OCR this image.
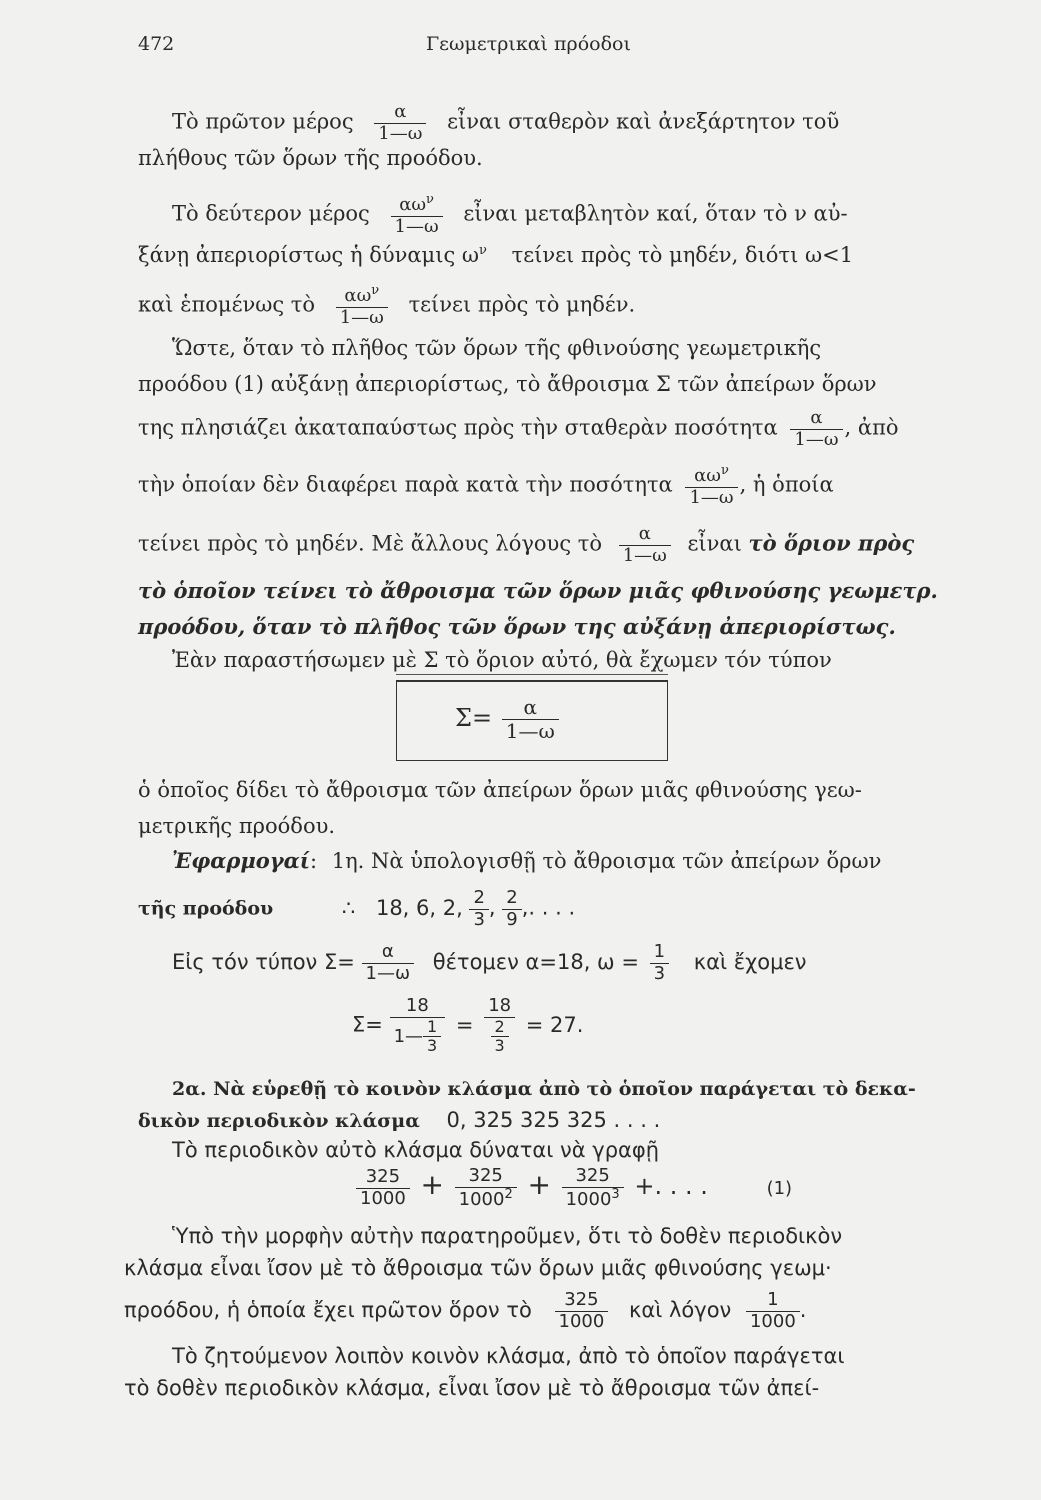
472	Γεωμετρικαὶ πρόοδοι
Τὸ πρῶτον μέρος $\frac{\alpha}{1—\omega}$ εἶναι σταθερὸν καὶ ἀνεξάρτητον τοῦ
πλήθους τῶν ὅρων τῆς προόδου.
Τὸ δεύτερον μέρος	$\alpha\omega^\nu$
1—ω
εἶναι μεταβλητὸν καί, ὅταν τὸ ν αὐ-
ξάνῃ ἀπεριορίστως ἡ δύναμις $\omega^\nu$ τείνει πρὸς τὸ μηδέν, διότι ω<1
καὶ ἑπομένως τὸ	$\alpha\omega^\nu$
1—ω
τείνει πρὸς τὸ μηδέν.
Ὥστε, ὅταν τὸ πλῆθος τῶν ὅρων τῆς φθινούσης γεωμετρικῆς
προόδου (1) αὐξάνῃ ἀπεριορίστως, τὸ ἄθροισμα Σ τῶν ἀπείρων ὅρων
της πλησιάζει ἀκαταπαύστως πρὸς τὴν σταθερὰν ποσότητα $\frac{\alpha}{1—\omega}$ , ἀπὸ
τὴν ὁποίαν δὲν διαφέρει παρὰ κατὰ τὴν ποσότητα	$\alpha\omega^\nu$
1—ω
, ἡ ὁποία
τείνει πρὸς τὸ μηδέν. Μὲ ἄλλους λόγους τὸ $\frac{\alpha}{1—\omega}$ εἶναι τὸ ὅριον πρὸς
τὸ ὁποῖον τείνει τὸ ἄθροισμα τῶν ὅρων μιᾶς φθινούσης γεωμετρ.
προόδου, ὅταν τὸ πλῆθος τῶν ὅρων της αὐξάνῃ ἀπεριορίστως.
Ἐὰν παραστήσωμεν μὲ Σ τὸ ὅριον αὐτό, θὰ ἔχωμεν τόν τύπον
$\Sigma= \frac{\alpha}{1—\omega}$
ὁ ὁποῖος δίδει τὸ ἄθροισμα τῶν ἀπείρων ὅρων μιᾶς φθινούσης γεω-
μετρικῆς προόδου.
Ἐφαρμογαί: 1η. Νὰ ὑπολογισθῇ τὸ ἄθροισμα τῶν ἀπείρων ὅρων
τῆς προόδου	∴ 18, 6, 2, $\frac{2}{3}$ , $\frac{2}{9}$ ,. . . .
Εἰς τόν τύπον $\Sigma= \frac{\alpha}{1—\omega}$ θέτομεν α=18, $\omega = \frac{1}{3}$ καὶ ἔχομεν
$\Sigma= \frac{18}{1— \frac{1}{3}} = \frac{18}{\frac{2}{3}} = 27$.
2α. Νὰ εὑρεθῇ τὸ κοινὸν κλάσμα ἀπὸ τὸ ὁποῖον παράγεται τὸ δεκα-
δικὸν περιοδικὸν κλάσμα 0, 325 325 325 . . . .
Τὸ περιοδικὸν αὐτὸ κλάσμα δύναται νὰ γραφῇ
$\frac{325}{1000} + \frac{325}{1000^2} + \frac{325}{1000^3}$ +. . . .	(1)
Ὑπὸ τὴν μορφὴν αὐτὴν παρατηροῦμεν, ὅτι τὸ δοθὲν περιοδικὸν
κλάσμα εἶναι ἴσον μὲ τὸ ἄθροισμα τῶν ὅρων μιᾶς φθινούσης γεωμ·
προόδου, ἡ ὁποία ἔχει πρῶτον ὅρον τὸ $\frac{325}{1000}$ καὶ λόγον $\frac{1}{1000}$ .
Τὸ ζητούμενον λοιπὸν κοινὸν κλάσμα, ἀπὸ τὸ ὁποῖον παράγεται
τὸ δοθὲν περιοδικὸν κλάσμα, εἶναι ἴσον μὲ τὸ ἄθροισμα τῶν ἀπεί-
